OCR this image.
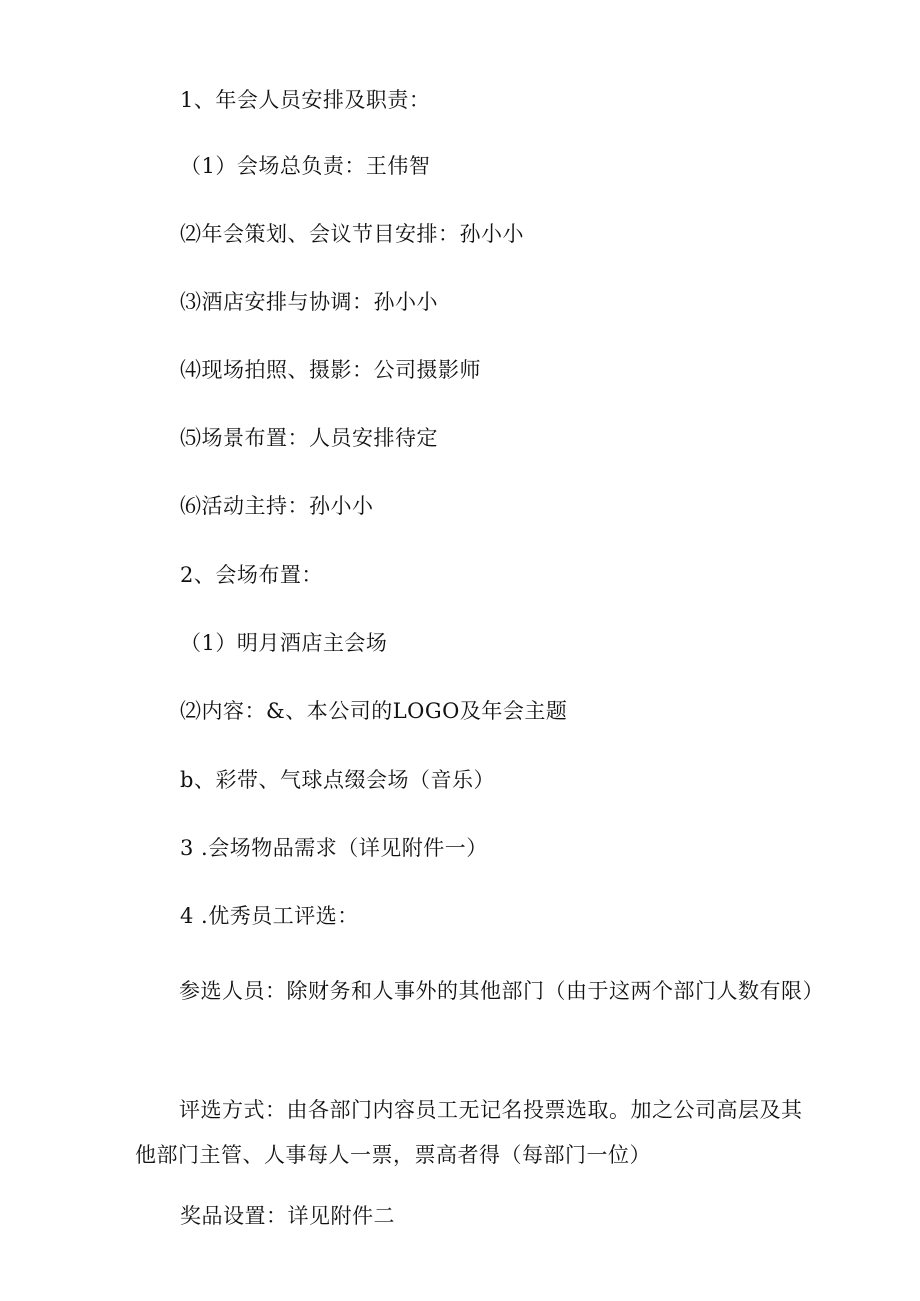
1、年会人员安排及职责：
（1）会场总负责：王伟智
⑵年会策划、会议节目安排：孙小小
⑶酒店安排与协调：孙小小
⑷现场拍照、摄影：公司摄影师
⑸场景布置：人员安排待定
⑹活动主持：孙小小
2、会场布置：
（1）明月酒店主会场
⑵内容：&、本公司的LOGO及年会主题
b、彩带、气球点缀会场（音乐）
3 .会场物品需求（详见附件一）
4 .优秀员工评选：
参选人员：除财务和人事外的其他部门（由于这两个部门人数有限）
评选方式：由各部门内容员工无记名投票选取。加之公司高层及其他部门主管、人事每人一票，票高者得（每部门一位）
奖品设置：详见附件二
